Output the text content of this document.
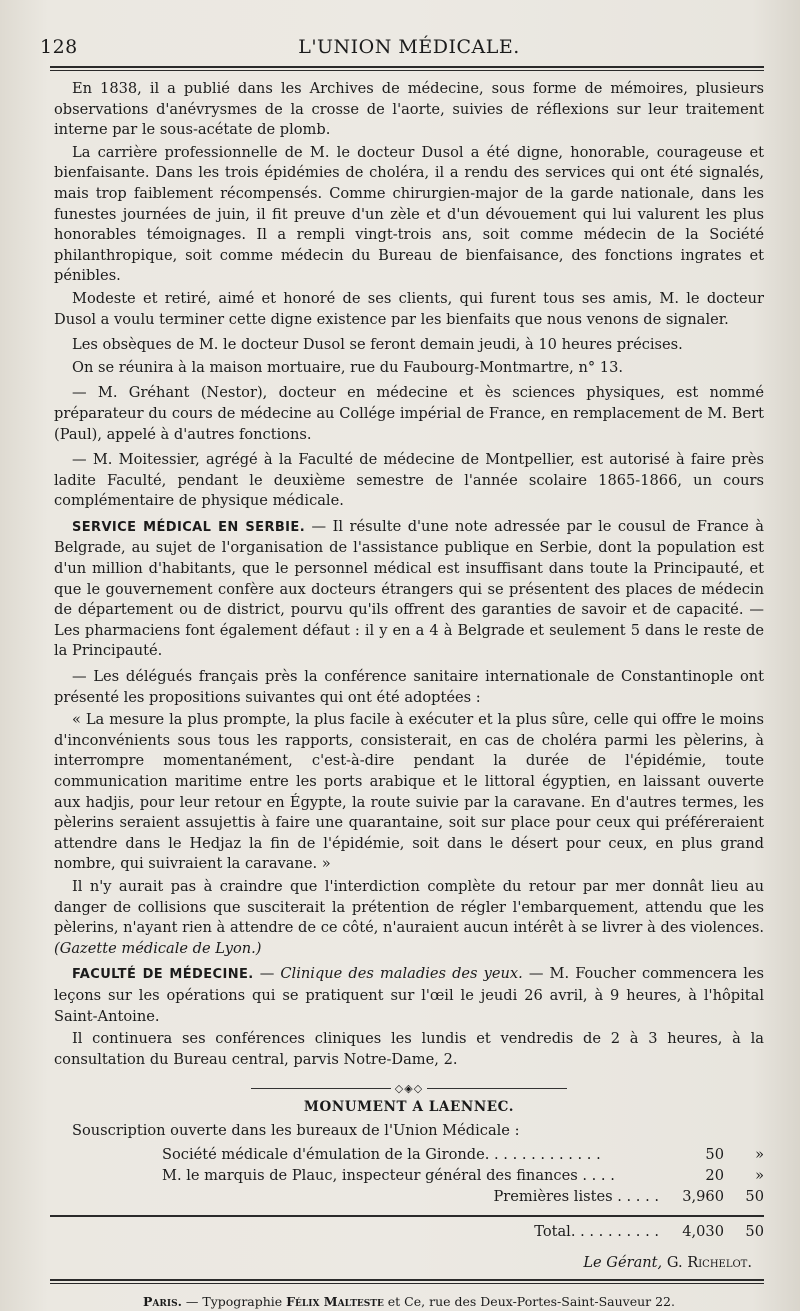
128	L'UNION MÉDICALE.

En 1838, il a publié dans les Archives de médecine, sous forme de mémoires, plusieurs observations d'anévrysmes de la crosse de l'aorte, suivies de réflexions sur leur traitement interne par le sous-acétate de plomb.

La carrière professionnelle de M. le docteur Dusol a été digne, honorable, courageuse et bienfaisante. Dans les trois épidémies de choléra, il a rendu des services qui ont été signalés, mais trop faiblement récompensés. Comme chirurgien-major de la garde nationale, dans les funestes journées de juin, il fit preuve d'un zèle et d'un dévouement qui lui valurent les plus honorables témoignages. Il a rempli vingt-trois ans, soit comme médecin de la Société philanthropique, soit comme médecin du Bureau de bienfaisance, des fonctions ingrates et pénibles.

Modeste et retiré, aimé et honoré de ses clients, qui furent tous ses amis, M. le docteur Dusol a voulu terminer cette digne existence par les bienfaits que nous venons de signaler.

Les obsèques de M. le docteur Dusol se feront demain jeudi, à 10 heures précises.

On se réunira à la maison mortuaire, rue du Faubourg-Montmartre, n° 13.

— M. Gréhant (Nestor), docteur en médecine et ès sciences physiques, est nommé préparateur du cours de médecine au Collége impérial de France, en remplacement de M. Bert (Paul), appelé à d'autres fonctions.

— M. Moitessier, agrégé à la Faculté de médecine de Montpellier, est autorisé à faire près ladite Faculté, pendant le deuxième semestre de l'année scolaire 1865-1866, un cours complémentaire de physique médicale.

SERVICE MÉDICAL EN SERBIE. — Il résulte d'une note adressée par le cousul de France à Belgrade, au sujet de l'organisation de l'assistance publique en Serbie, dont la population est d'un million d'habitants, que le personnel médical est insuffisant dans toute la Principauté, et que le gouvernement confère aux docteurs étrangers qui se présentent des places de médecin de département ou de district, pourvu qu'ils offrent des garanties de savoir et de capacité. — Les pharmaciens font également défaut : il y en a 4 à Belgrade et seulement 5 dans le reste de la Principauté.

— Les délégués français près la conférence sanitaire internationale de Constantinople ont présenté les propositions suivantes qui ont été adoptées :

« La mesure la plus prompte, la plus facile à exécuter et la plus sûre, celle qui offre le moins d'inconvénients sous tous les rapports, consisterait, en cas de choléra parmi les pèlerins, à interrompre momentanément, c'est-à-dire pendant la durée de l'épidémie, toute communication maritime entre les ports arabique et le littoral égyptien, en laissant ouverte aux hadjis, pour leur retour en Égypte, la route suivie par la caravane. En d'autres termes, les pèlerins seraient assujettis à faire une quarantaine, soit sur place pour ceux qui préféreraient attendre dans le Hedjaz la fin de l'épidémie, soit dans le désert pour ceux, en plus grand nombre, qui suivraient la caravane. »

Il n'y aurait pas à craindre que l'interdiction complète du retour par mer donnât lieu au danger de collisions que susciterait la prétention de régler l'embarquement, attendu que les pèlerins, n'ayant rien à attendre de ce côté, n'auraient aucun intérêt à se livrer à des violences. (Gazette médicale de Lyon.)

FACULTÉ DE MÉDECINE. — Clinique des maladies des yeux. — M. Foucher commencera les leçons sur les opérations qui se pratiquent sur l'œil le jeudi 26 avril, à 9 heures, à l'hôpital Saint-Antoine.

Il continuera ses conférences cliniques les lundis et vendredis de 2 à 3 heures, à la consultation du Bureau central, parvis Notre-Dame, 2.

◇◈◇
MONUMENT A LAENNEC.

Souscription ouverte dans les bureaux de l'Union Médicale :

Société médicale d'émulation de la Gironde. . . . . . . . . . . . .	50	»
M. le marquis de Plauc, inspecteur général des finances . . . .	20	»
Premières listes . . . . .	3,960	50
Total. . . . . . . . . .	4,030	50
Le Gérant, G. Richelot.
Paris. — Typographie Félix Malteste et Ce, rue des Deux-Portes-Saint-Sauveur 22.
